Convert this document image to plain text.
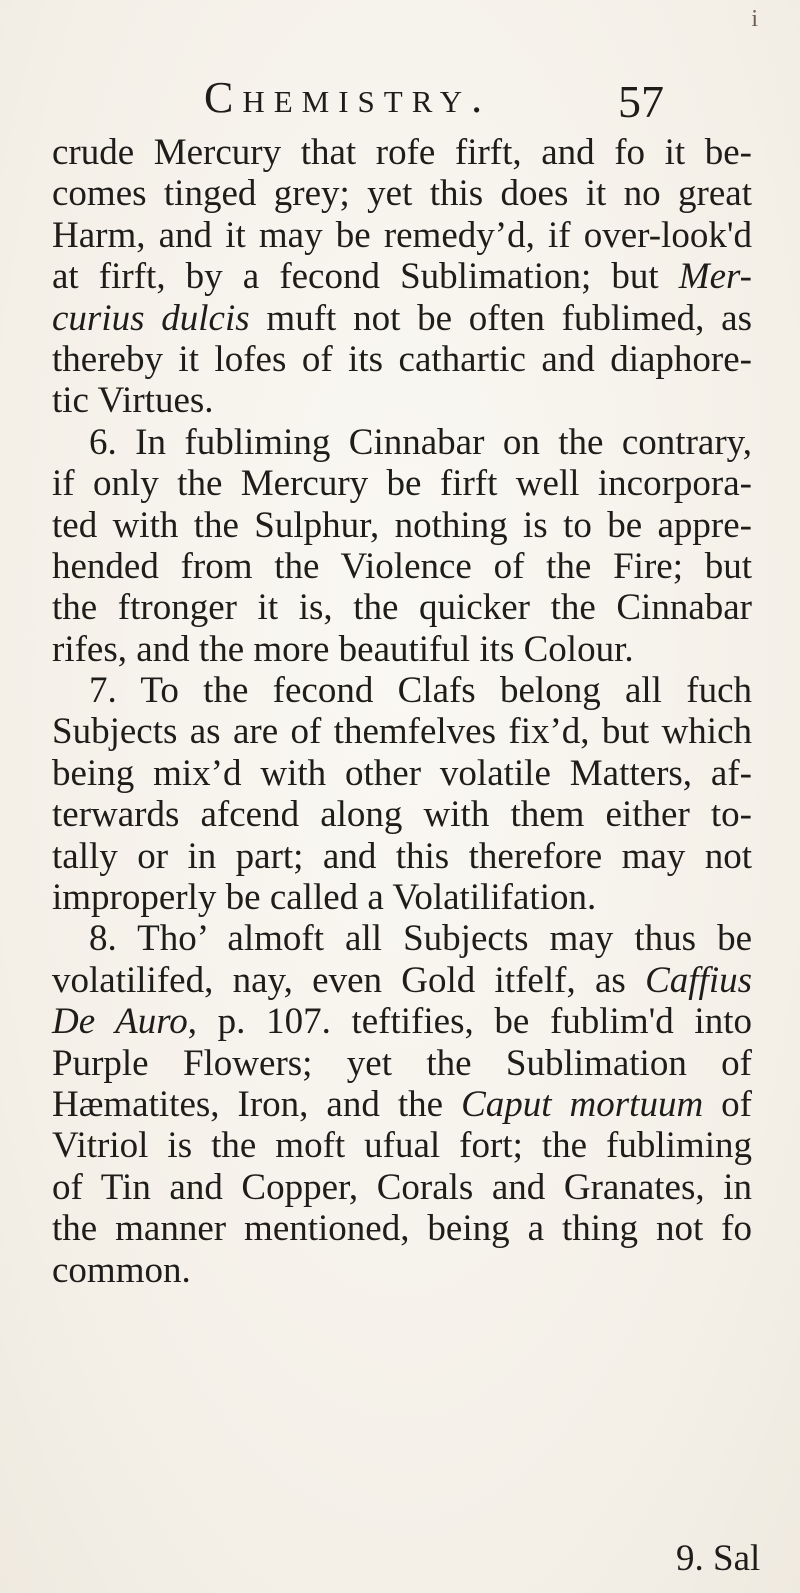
i
Chemistry.	57
crude Mercury that rofe firft, and fo it be-
comes tinged grey; yet this does it no great
Harm, and it may be remedy’d, if over-look'd
at firft, by a fecond Sublimation; but Mer-
curius dulcis muft not be often fublimed, as
thereby it lofes of its cathartic and diaphore-
tic Virtues.
6. In fubliming Cinnabar on the contrary,
if only the Mercury be firft well incorpora-
ted with the Sulphur, nothing is to be appre-
hended from the Violence of the Fire; but
the ftronger it is, the quicker the Cinnabar
rifes, and the more beautiful its Colour.
7. To the fecond Clafs belong all fuch
Subjects as are of themfelves fix’d, but which
being mix’d with other volatile Matters, af-
terwards afcend along with them either to-
tally or in part; and this therefore may not
improperly be called a Volatilifation.
8. Tho’ almoft all Subjects may thus be
volatilifed, nay, even Gold itfelf, as Caffius
De Auro, p. 107. teftifies, be fublim'd into
Purple Flowers; yet the Sublimation of
Hæmatites, Iron, and the Caput mortuum of
Vitriol is the moft ufual fort; the fubliming
of Tin and Copper, Corals and Granates, in
the manner mentioned, being a thing not fo
common.
9. Sal
